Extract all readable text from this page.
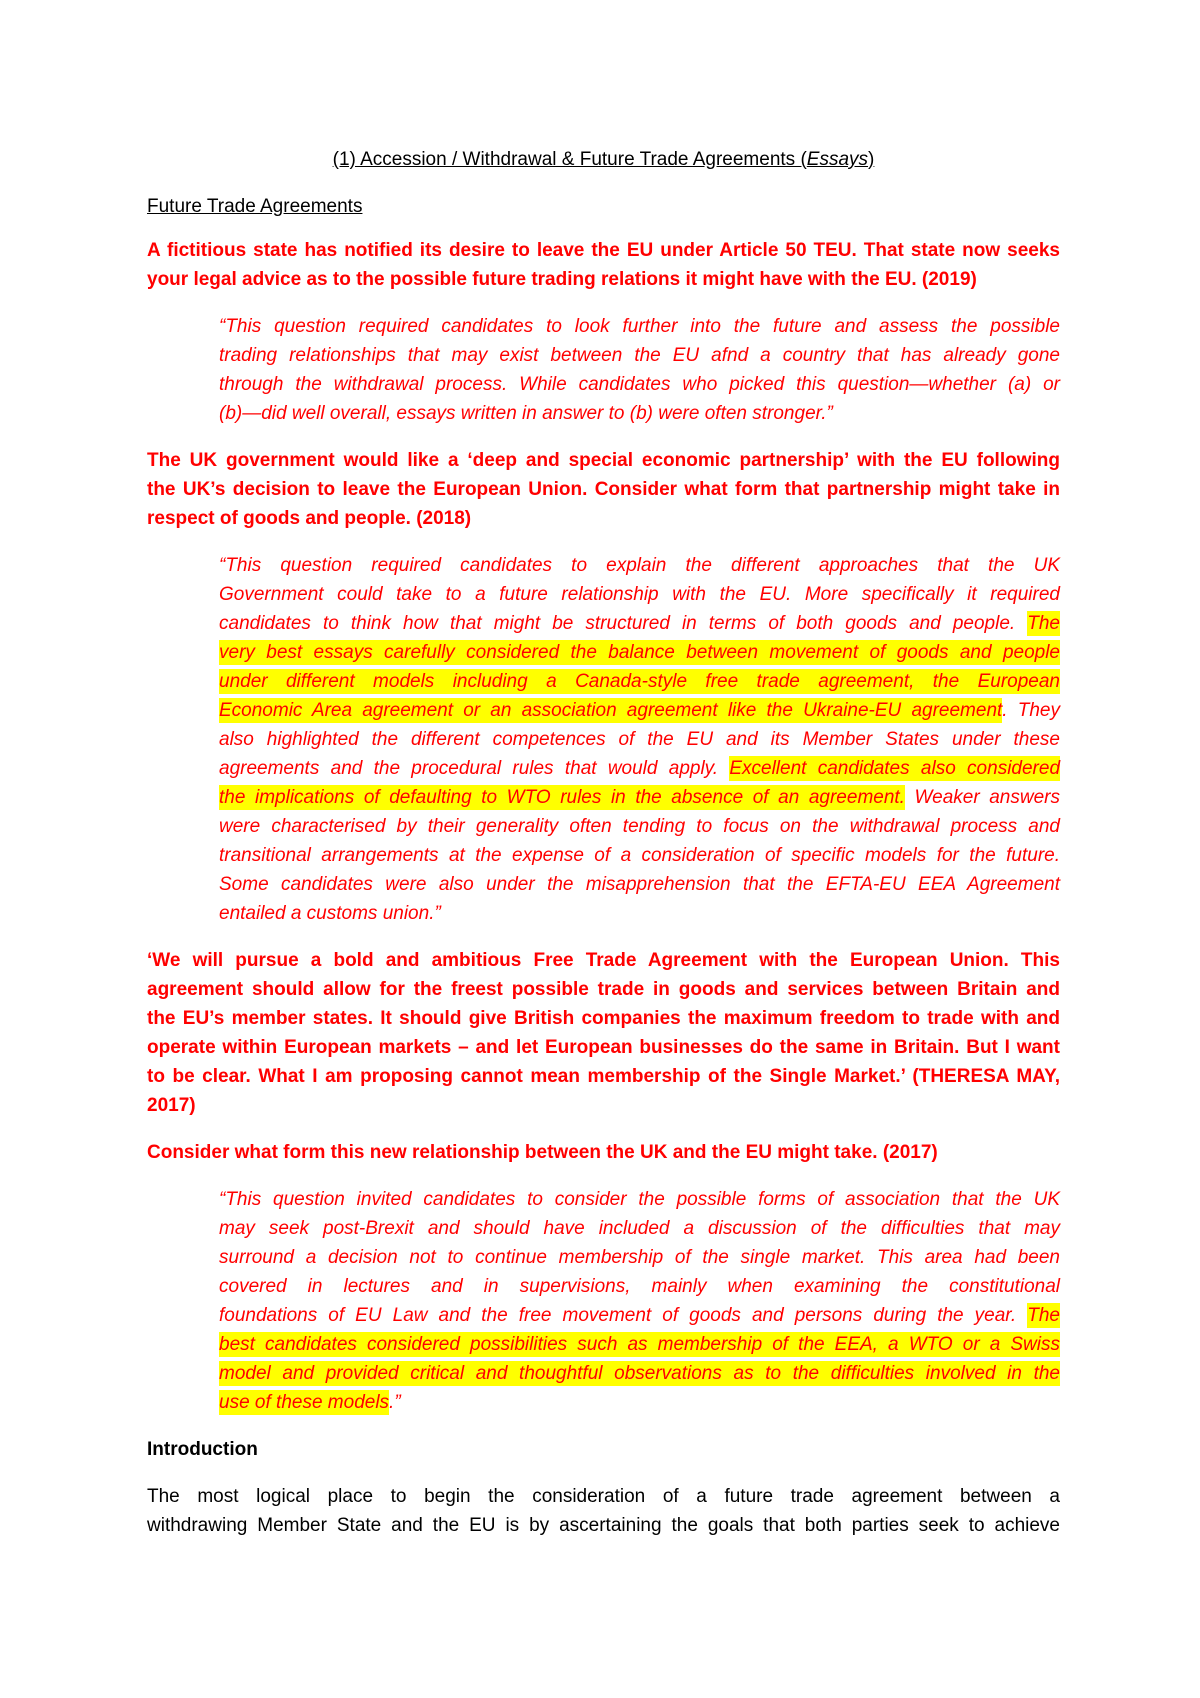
(1) Accession / Withdrawal & Future Trade Agreements (Essays)
Future Trade Agreements
A fictitious state has notified its desire to leave the EU under Article 50 TEU. That state now seeks
your legal advice as to the possible future trading relations it might have with the EU. (2019)
“This question required candidates to look further into the future and assess the possible
trading relationships that may exist between the EU afnd a country that has already gone
through the withdrawal process. While candidates who picked this question—whether (a) or
(b)—did well overall, essays written in answer to (b) were often stronger.”
The UK government would like a ‘deep and special economic partnership’ with the EU following
the UK’s decision to leave the European Union. Consider what form that partnership might take in
respect of goods and people. (2018)
“This question required candidates to explain the different approaches that the UK
Government could take to a future relationship with the EU. More specifically it required
candidates to think how that might be structured in terms of both goods and people. The
very best essays carefully considered the balance between movement of goods and people
under different models including a Canada-style free trade agreement, the European
Economic Area agreement or an association agreement like the Ukraine-EU agreement. They
also highlighted the different competences of the EU and its Member States under these
agreements and the procedural rules that would apply. Excellent candidates also considered
the implications of defaulting to WTO rules in the absence of an agreement. Weaker answers
were characterised by their generality often tending to focus on the withdrawal process and
transitional arrangements at the expense of a consideration of specific models for the future.
Some candidates were also under the misapprehension that the EFTA-EU EEA Agreement
entailed a customs union.”
‘We will pursue a bold and ambitious Free Trade Agreement with the European Union. This
agreement should allow for the freest possible trade in goods and services between Britain and
the EU’s member states. It should give British companies the maximum freedom to trade with and
operate within European markets – and let European businesses do the same in Britain. But I want
to be clear. What I am proposing cannot mean membership of the Single Market.’ (THERESA MAY,
2017)
Consider what form this new relationship between the UK and the EU might take. (2017)
“This question invited candidates to consider the possible forms of association that the UK
may seek post-Brexit and should have included a discussion of the difficulties that may
surround a decision not to continue membership of the single market. This area had been
covered in lectures and in supervisions, mainly when examining the constitutional
foundations of EU Law and the free movement of goods and persons during the year. The
best candidates considered possibilities such as membership of the EEA, a WTO or a Swiss
model and provided critical and thoughtful observations as to the difficulties involved in the
use of these models.”
Introduction
The most logical place to begin the consideration of a future trade agreement between a
withdrawing Member State and the EU is by ascertaining the goals that both parties seek to achieve
